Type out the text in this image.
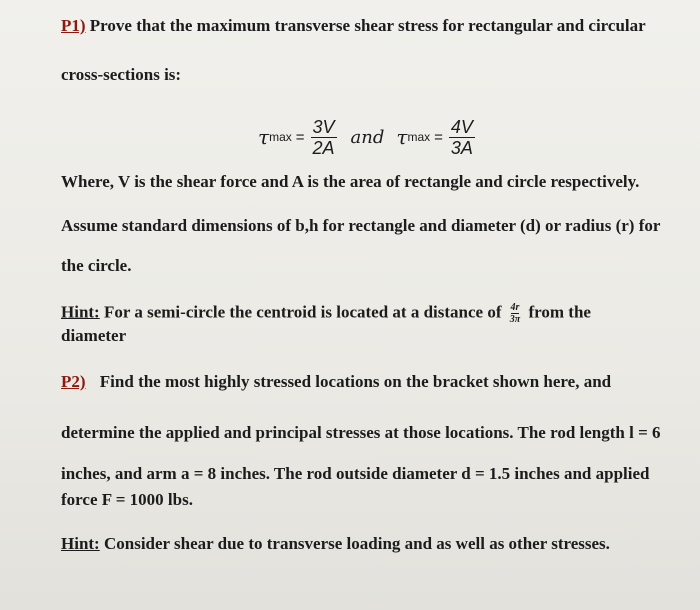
P1) Prove that the maximum transverse shear stress for rectangular and circular
cross-sections is:
τ $\max = \frac{3V}{2A}$ and τ $\max = \frac{4V}{3A}$
Where, V is the shear force and A is the area of rectangle and circle respectively.
Assume standard dimensions of b,h for rectangle and diameter (d) or radius (r) for
the circle.
Hint: For a semi-circle the centroid is located at a distance of $\frac{4r}{3\pi}$ from the
diameter
P2) Find the most highly stressed locations on the bracket shown here, and
determine the applied and principal stresses at those locations. The rod length l = 6
inches, and arm a = 8 inches. The rod outside diameter d = 1.5 inches and applied
force F = 1000 lbs.
Hint: Consider shear due to transverse loading and as well as other stresses.
